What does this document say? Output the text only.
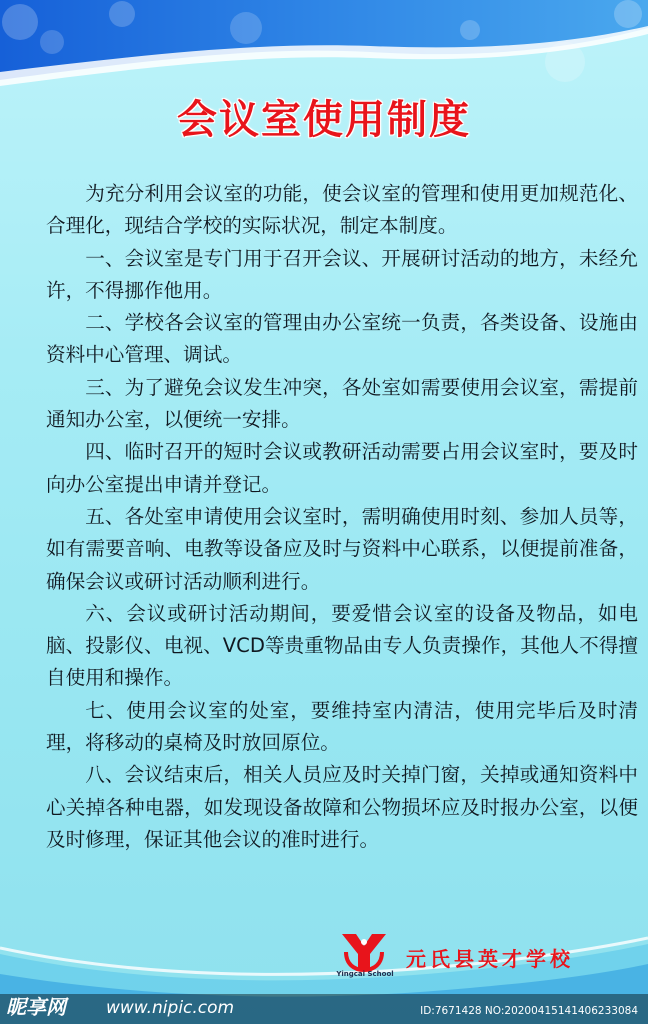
会议室使用制度

为充分利用会议室的功能，使会议室的管理和使用更加规范化、合理化，现结合学校的实际状况，制定本制度。

一、会议室是专门用于召开会议、开展研讨活动的地方，未经允许，不得挪作他用。

二、学校各会议室的管理由办公室统一负责，各类设备、设施由资料中心管理、调试。

三、为了避免会议发生冲突，各处室如需要使用会议室，需提前通知办公室，以便统一安排。

四、临时召开的短时会议或教研活动需要占用会议室时，要及时向办公室提出申请并登记。

五、各处室申请使用会议室时，需明确使用时刻、参加人员等，如有需要音响、电教等设备应及时与资料中心联系，以便提前准备，确保会议或研讨活动顺利进行。

六、会议或研讨活动期间，要爱惜会议室的设备及物品，如电脑、投影仪、电视、VCD等贵重物品由专人负责操作，其他人不得擅自使用和操作。

七、使用会议室的处室，要维持室内清洁，使用完毕后及时清理，将移动的桌椅及时放回原位。

八、会议结束后，相关人员应及时关掉门窗，关掉或通知资料中心关掉各种电器，如发现设备故障和公物损坏应及时报办公室，以便及时修理，保证其他会议的准时进行。

Yingcai School
元氏县英才学校
昵享网 www.nipic.com	ID:7671428 NO:20200415141406233084
